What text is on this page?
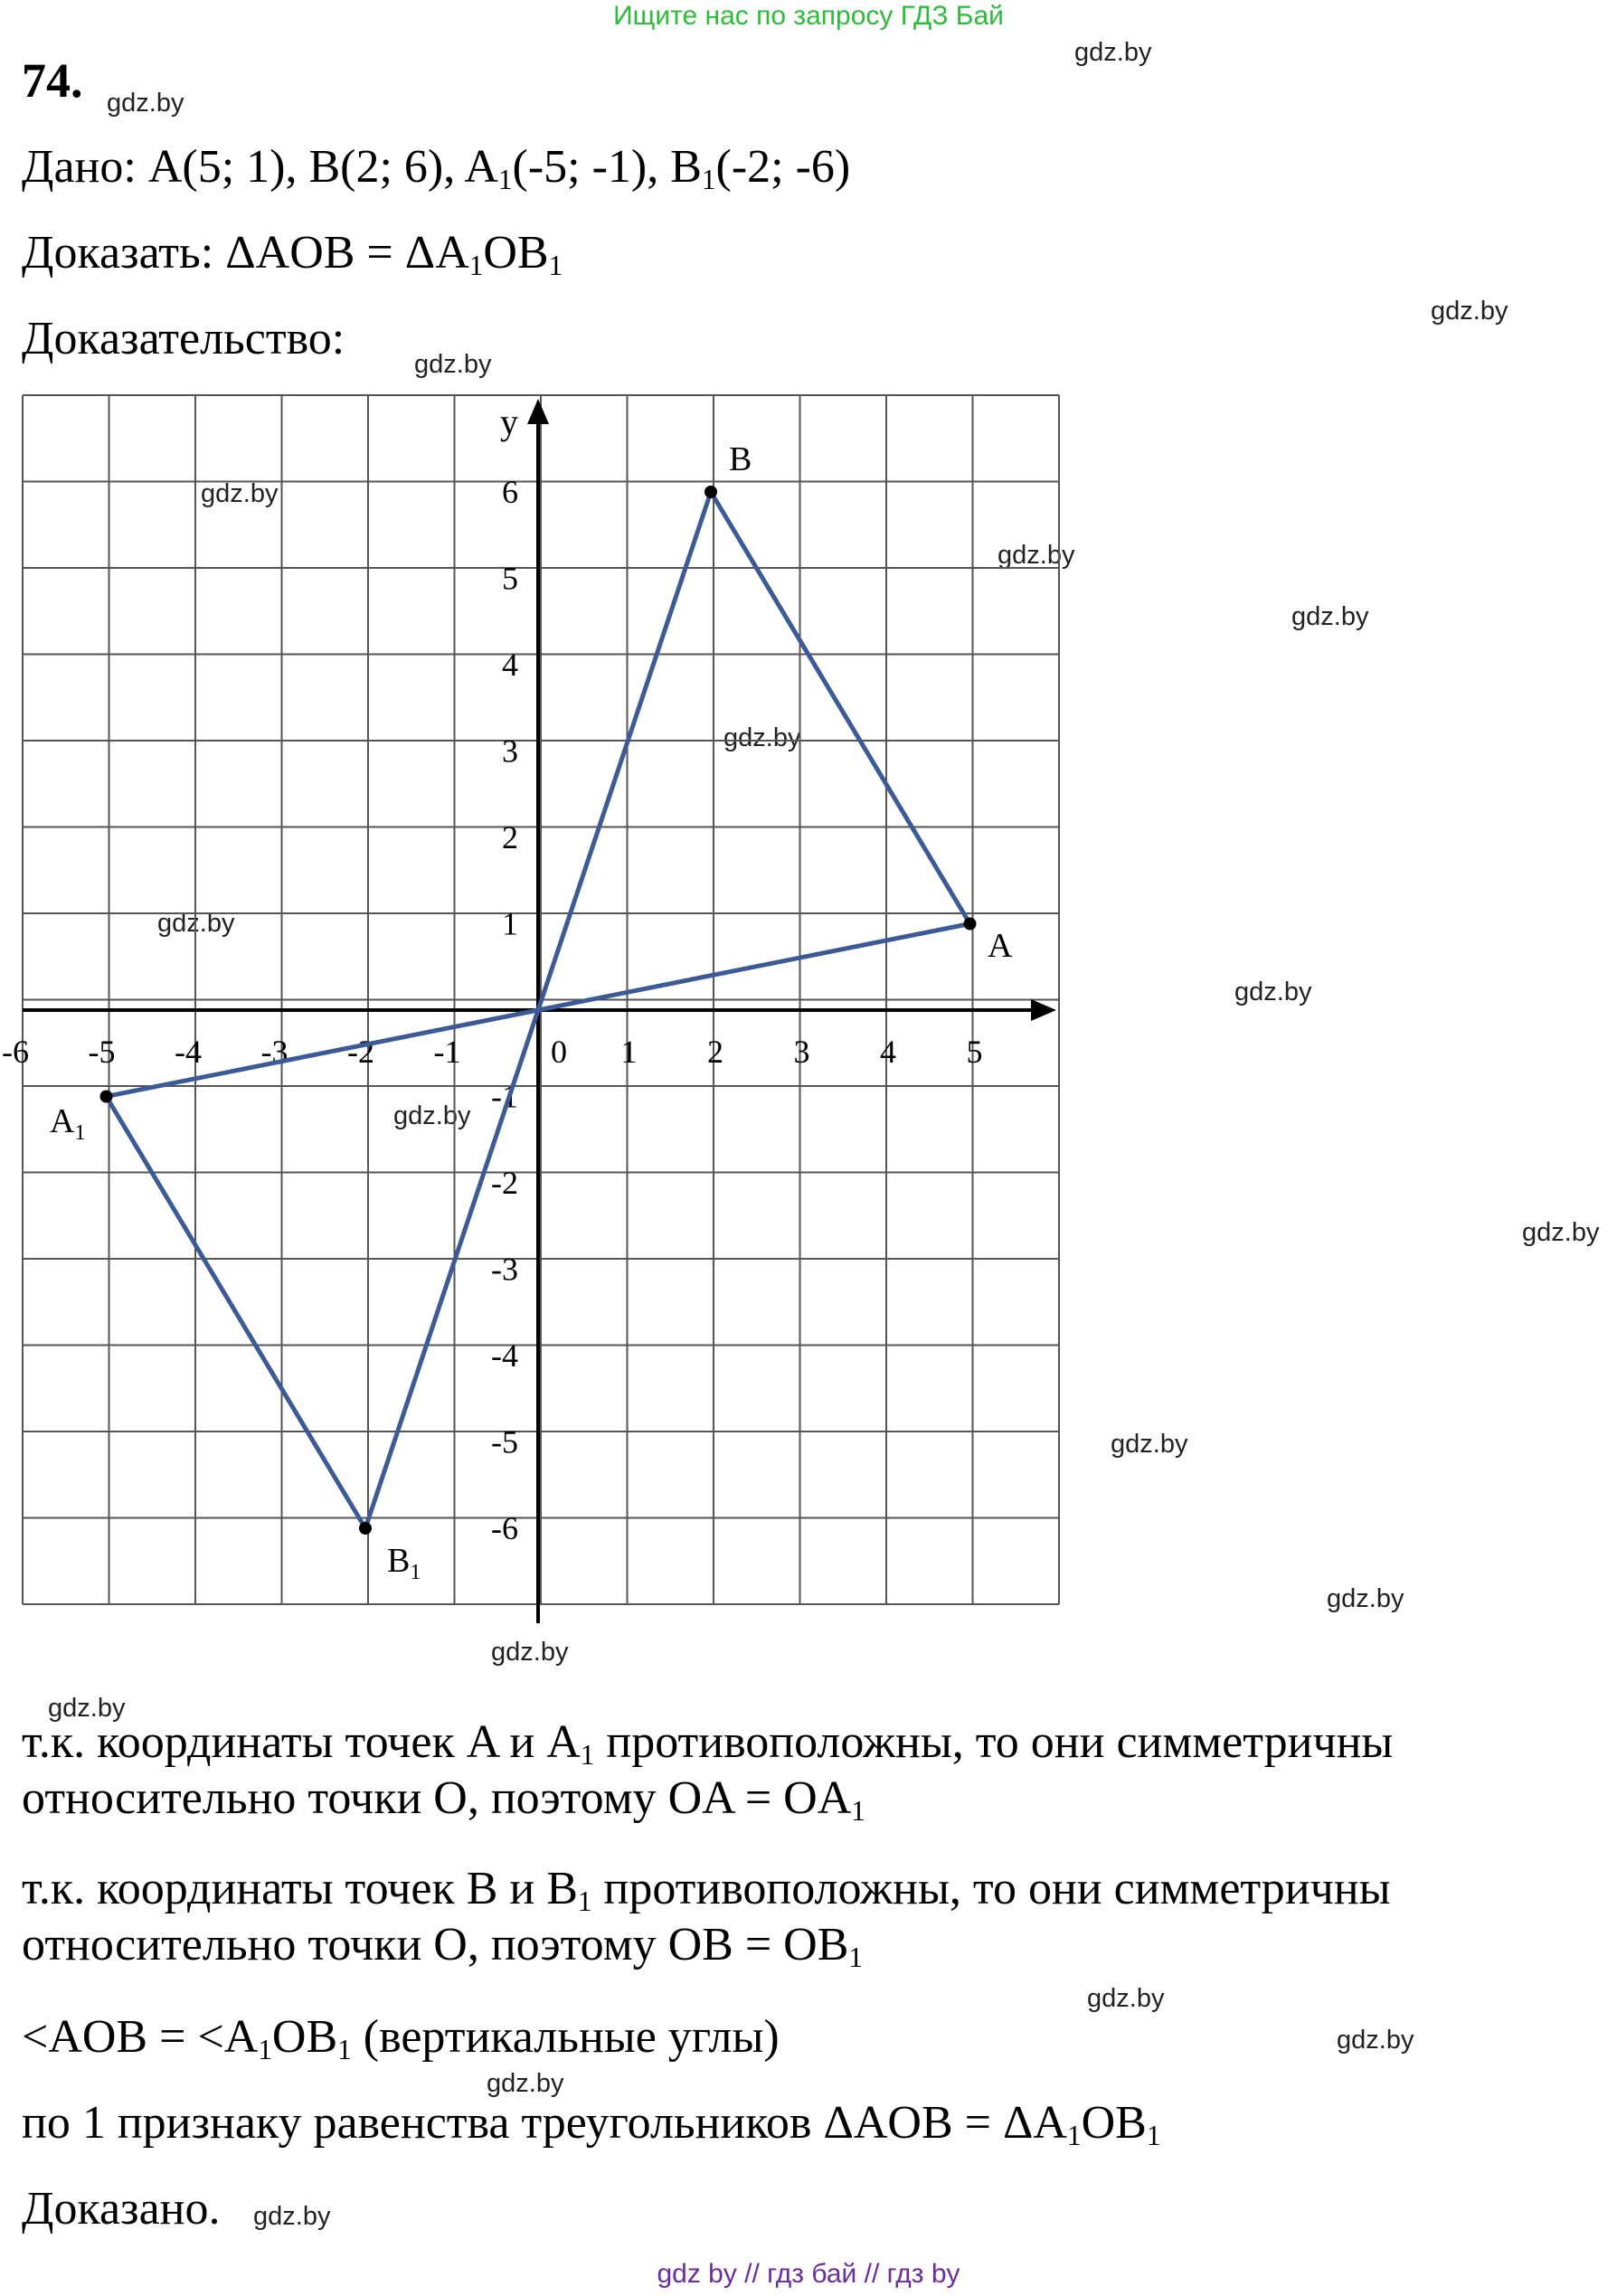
Ищите нас по запросу ГДЗ Бай
gdz.by
gdz.by
gdz.by
gdz.by
gdz.by
gdz.by
gdz.by
gdz.by
gdz.by
gdz.by
gdz.by
gdz.by
gdz.by
gdz.by
gdz.by
gdz.by
gdz.by
gdz.by
gdz.by
gdz.by
74.
Дано: A(5; 1), B(2; 6), $A_1(-5$; -1), $B_1(-2$; -6)
Доказать: $\Delta AOB = \Delta A_1OB_1$
Доказательство:
y
-6 -5 -4 -3 -2 -1	0 1 2 3 4 5
6
5
4
3
2
1
-1
-2
-3
-4
-5
-6
B
A
$A_1$
$B_1$
т.к. координаты точек A и $A_1$ противоположны, то они симметричны
относительно точки О, поэтому OA = $OA_1$
т.к. координаты точек B и $B_1$ противоположны, то они симметричны
относительно точки О, поэтому OB = $OB_1$
$<AOB = <A_1OB_1$ (вертикальные углы)
по 1 признаку равенства треугольников $\Delta AOB = \Delta A_1OB_1$
Доказано.
gdz by // гдз бай // гдз by
